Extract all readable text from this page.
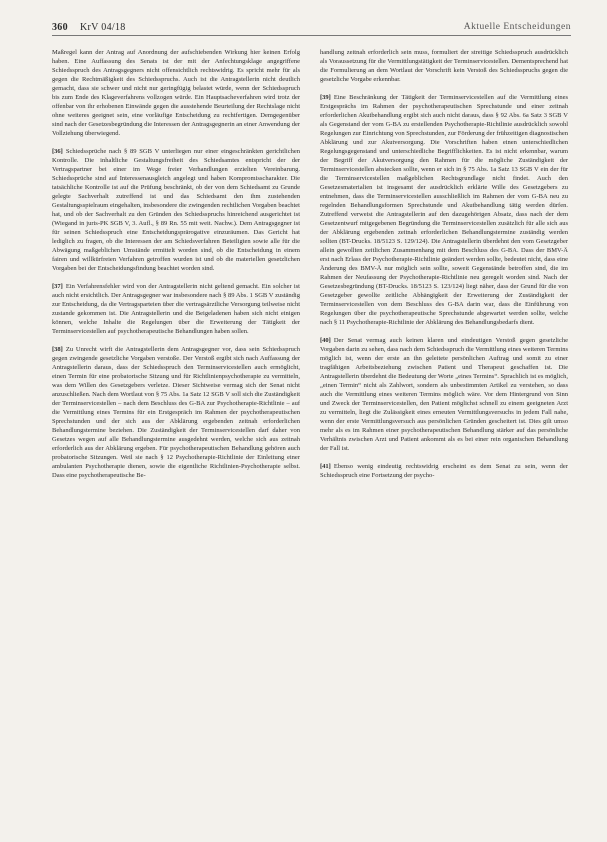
360 KrV 04/18	Aktuelle Entscheidungen

Maßregel kann der Antrag auf Anordnung der aufschiebenden Wirkung hier keinen Erfolg haben. Eine Auffassung des Senats ist der mit der Anfechtungsklage angegriffene Schiedsspruch des Antragsgegners nicht offensichtlich rechtswidrig. Es spricht mehr für als gegen die Rechtmäßigkeit des Schiedsspruchs. Auch ist die Antragstellerin nicht deutlich gemacht, dass sie schwer und nicht nur geringfügig belastet würde, wenn der Schiedsspruch bis zum Ende des Klageverfahrens vollzogen würde. Ein Hauptsacheverfahren wird trotz der offenbar von ihr erhobenen Einwände gegen die ausstehende Beurteilung der Rechtslage nicht ohne weiteres geeignet sein, eine vorläufige Entscheidung zu rechtfertigen. Demgegenüber sind nach der Gesetzesbegründung die Interessen der Antragsgegnerin an einer Anwendung der Vollziehung überwiegend.

[36] Schiedssprüche nach § 89 SGB V unterliegen nur einer eingeschränkten gerichtlichen Kontrolle. Die inhaltliche Gestaltungsfreiheit des Schiedsamtes entspricht der der Vertragspartner bei einer im Wege freier Verhandlungen erzielten Vereinbarung. Schiedssprüche sind auf Interessenausgleich angelegt und haben Kompromisscharakter. Die tatsächliche Kontrolle ist auf die Prüfung beschränkt, ob der von dem Schiedsamt zu Grunde gelegte Sachverhalt zutreffend ist und das Schiedsamt den ihm zustehenden Gestaltungsspielraum eingehalten, insbesondere die zwingenden rechtlichen Vorgaben beachtet hat, und ob der Sachverhalt zu den Gründen des Schiedsspruchs hinreichend ausgerichtet ist (Wiegand in juris-PK SGB V, 3. Aufl., § 89 Rn. 55 mit weit. Nachw.). Dem Antragsgegner ist für seinen Schiedsspruch eine Entscheidungsprärogative einzuräumen. Das Gericht hat lediglich zu fragen, ob die Interessen der am Schiedsverfahren Beteiligten sowie alle für die Abwägung maßgeblichen Umstände ermittelt worden sind, ob die Entscheidung in einem fairen und willkürfreien Verfahren getroffen wurden ist und ob die materiellen gesetzlichen Vorgaben bei der Entscheidungsfindung beachtet worden sind.

[37] Ein Verfahrensfehler wird von der Antragstellerin nicht geltend gemacht. Ein solcher ist auch nicht ersichtlich. Der Antragsgegner war insbesondere nach § 89 Abs. 1 SGB V zuständig zur Entscheidung, da die Vertragsparteien über die vertragsärztliche Versorgung teilweise nicht zustande gekommen ist. Die Antragstellerin und die Beigeladenen haben sich nicht einigen können, welche Inhalte die Regelungen über die Erweiterung der Tätigkeit der Terminservicestellen auf psychotherapeutische Behandlungen haben sollen.

[38] Zu Unrecht wirft die Antragstellerin dem Antragsgegner vor, dass sein Schiedsspruch gegen zwingende gesetzliche Vorgaben verstoße. Der Verstoß ergibt sich nach Auffassung der Antragstellerin daraus, dass der Schiedsspruch den Terminservicestellen auch ermöglicht, einen Termin für eine probatorische Sitzung und für Richtlinienpsychotherapie zu vermitteln, was dem Willen des Gesetzgebers verletze. Dieser Sichtweise vermag sich der Senat nicht anzuschließen. Nach dem Wortlaut von § 75 Abs. 1a Satz 12 SGB V soll sich die Zuständigkeit der Terminservicestellen – nach dem Beschluss des G-BA zur Psychotherapie-Richtlinie – auf die Vermittlung eines Termins für ein Erstgespräch im Rahmen der psychotherapeutischen Sprechstunden und der sich aus der Abklärung ergebenden zeitnah erforderlichen Behandlungstermine beziehen. Die Zuständigkeit der Terminservicestellen darf daher von Gesetzes wegen auf alle Behandlungstermine ausgedehnt werden, welche sich aus zeitnah erforderlich aus der Abklärung ergeben. Für psychotherapeutischen Behandlung gehören auch probatorische Sitzungen. Weil sie nach § 12 Psychotherapie-Richtlinie der Einleitung einer ambulanten Psychotherapie dienen, sowie die eigentliche Richtlinien-Psychotherapie selbst. Dass eine psychotherapeutische Be-

handlung zeitnah erforderlich sein muss, formuliert der streitige Schiedsspruch ausdrücklich als Voraussetzung für die Vermittlungstätigkeit der Terminservicestellen. Dementsprechend hat die Formulierung an dem Wortlaut der Vorschrift kein Verstoß des Schiedsspruchs gegen die gesetzliche Vorgabe erkennbar.

[39] Eine Beschränkung der Tätigkeit der Terminservicestellen auf die Vermittlung eines Erstgesprächs im Rahmen der psychotherapeutischen Sprechstunde und einer zeitnah erforderlichen Akutbehandlung ergibt sich auch nicht daraus, dass § 92 Abs. 6a Satz 3 SGB V als Gegenstand der vom G-BA zu erstellenden Psychotherapie-Richtlinie ausdrücklich sowohl Regelungen zur Einrichtung von Sprechstunden, zur Förderung der frühzeitigen diagnostischen Abklärung und zur Akutversorgung. Die Vorschriften haben einen unterschiedlichen Regelungsgegenstand und unterschiedliche Begrifflichkeiten. Es ist nicht erkennbar, warum der Begriff der Akutversorgung den Rahmen für die mögliche Zuständigkeit der Terminservicestellen abstecken sollte, wenn er sich in § 75 Abs. 1a Satz 13 SGB V ein der für die Terminservicestellen maßgeblichen Rechtsgrundlage nicht findet. Auch den Gesetzesmaterialien ist insgesamt der ausdrücklich erklärte Wille des Gesetzgebers zu entnehmen, dass die Terminservicestellen ausschließlich im Rahmen der vom G-BA neu zu regelnden Behandlungsformen Sprechstunde und Akutbehandlung tätig werden dürfen. Zutreffend verweist die Antragstellerin auf den dazugehörigen Absatz, dass nach der dem Gesetzentwurf mitgegebenen Begründung die Terminservicestellen zusätzlich für alle sich aus der Abklärung ergebenden zeitnah erforderlichen Behandlungstermine zuständig werden sollten (BT-Drucks. 18/5123 S. 129/124). Die Antragstellerin überdehnt den vom Gesetzgeber allein gewollten zeitlichen Zusammenhang mit dem Beschluss des G-BA. Dass der BMV-Ä erst nach Erlass der Psychotherapie-Richtlinie geändert werden sollte, bedeutet nicht, dass eine Änderung des BMV-Ä nur möglich sein sollte, soweit Gegenstände betroffen sind, die im Rahmen der Neufassung der Psychotherapie-Richtlinie neu geregelt worden sind. Nach der Gesetzesbegründung (BT-Drucks. 18/5123 S. 123/124) liegt näher, dass der Grund für die von Gesetzgeber gewollte zeitliche Abhängigkeit der Erweiterung der Zuständigkeit der Terminservicestellen von dem Beschluss des G-BA darin war, dass die Einführung von Regelungen über die psychotherapeutische Sprechstunde abgewartet werden sollte, welche nach § 11 Psychotherapie-Richtlinie der Abklärung des Behandlungsbedarfs dient.

[40] Der Senat vermag auch keinen klaren und eindeutigen Verstoß gegen gesetzliche Vorgaben darin zu sehen, dass nach dem Schiedsspruch die Vermittlung eines weiteren Termins möglich ist, wenn der erste an ihn geleitete persönlichen Auftrag und somit zu einer tragfähigen Arbeitsbeziehung zwischen Patient und Therapeut geschaffen ist. Die Antragstellerin überdehnt die Bedeutung der Worte „eines Termins“. Sprachlich ist es möglich, „einen Termin“ nicht als Zahlwort, sondern als unbestimmten Artikel zu verstehen, so dass auch die Vermittlung eines weiteren Termins möglich wäre. Vor dem Hintergrund von Sinn und Zweck der Terminservicestellen, den Patient möglichst schnell zu einem geeigneten Arzt zu vermitteln, liegt die Zulässigkeit eines erneuten Vermittlungsversuchs in jedem Fall nahe, wenn der erste Vermittlungsversuch aus persönlichen Gründen gescheitert ist. Dies gilt umso mehr als es im Rahmen einer psychotherapeutischen Behandlung stärker auf das persönliche Verhältnis zwischen Arzt und Patient ankommt als es bei einer rein organischen Behandlung der Fall ist.

[41] Ebenso wenig eindeutig rechtswidrig erscheint es dem Senat zu sein, wenn der Schiedsspruch eine Fortsetzung der psycho-
